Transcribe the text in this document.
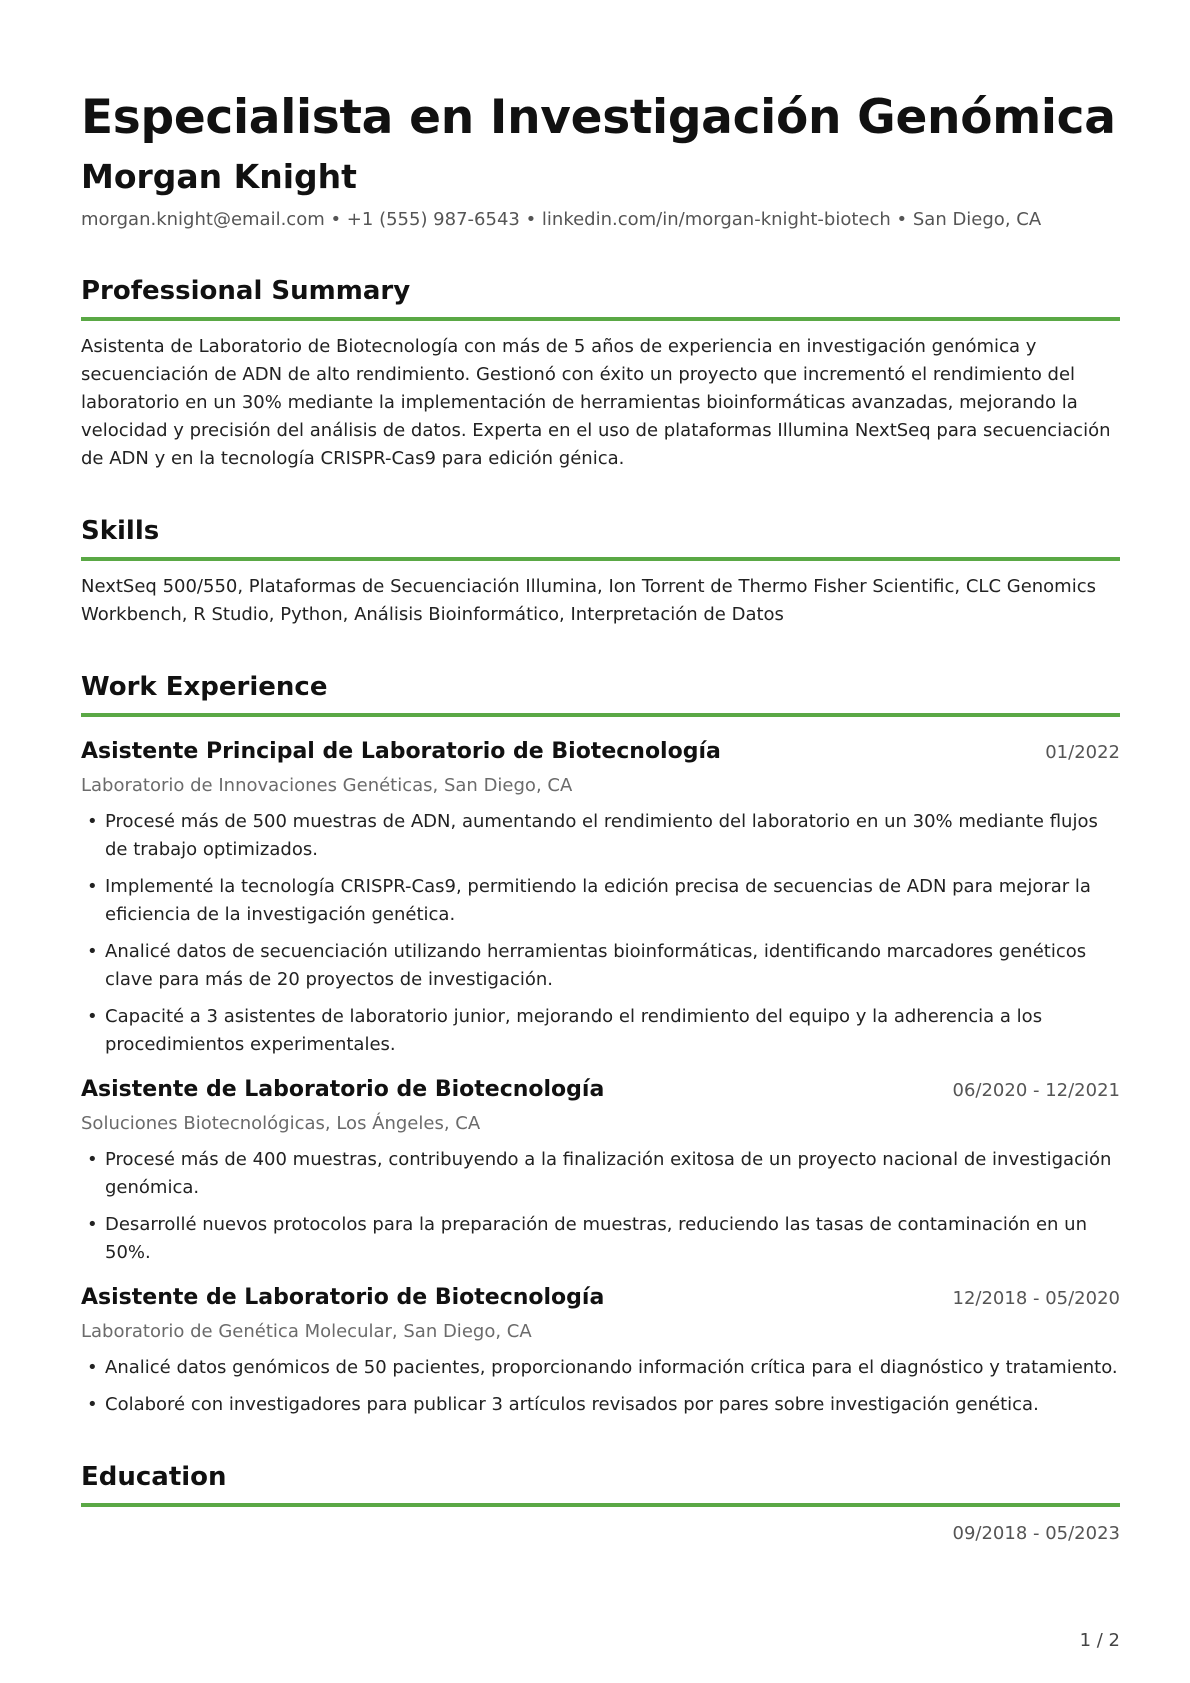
Especialista en Investigación Genómica
Morgan Knight
morgan.knight@email.com • +1 (555) 987-6543 • linkedin.com/in/morgan-knight-biotech • San Diego, CA
Professional Summary

Asistenta de Laboratorio de Biotecnología con más de 5 años de experiencia en investigación genómica y secuenciación de ADN de alto rendimiento. Gestionó con éxito un proyecto que incrementó el rendimiento del laboratorio en un 30% mediante la implementación de herramientas bioinformáticas avanzadas, mejorando la velocidad y precisión del análisis de datos. Experta en el uso de plataformas Illumina NextSeq para secuenciación de ADN y en la tecnología CRISPR-Cas9 para edición génica.

Skills

NextSeq 500/550, Plataformas de Secuenciación Illumina, Ion Torrent de Thermo Fisher Scientific, CLC Genomics Workbench, R Studio, Python, Análisis Bioinformático, Interpretación de Datos

Work Experience
Asistente Principal de Laboratorio de Biotecnología	01/2022
Laboratorio de Innovaciones Genéticas, San Diego, CA
• Procesé más de 500 muestras de ADN, aumentando el rendimiento del laboratorio en un 30% mediante flujos de trabajo optimizados.
• Implementé la tecnología CRISPR-Cas9, permitiendo la edición precisa de secuencias de ADN para mejorar la eficiencia de la investigación genética.
• Analicé datos de secuenciación utilizando herramientas bioinformáticas, identificando marcadores genéticos clave para más de 20 proyectos de investigación.
• Capacité a 3 asistentes de laboratorio junior, mejorando el rendimiento del equipo y la adherencia a los procedimientos experimentales.
Asistente de Laboratorio de Biotecnología	06/2020 - 12/2021
Soluciones Biotecnológicas, Los Ángeles, CA
• Procesé más de 400 muestras, contribuyendo a la finalización exitosa de un proyecto nacional de investigación genómica.
• Desarrollé nuevos protocolos para la preparación de muestras, reduciendo las tasas de contaminación en un 50%.
Asistente de Laboratorio de Biotecnología	12/2018 - 05/2020
Laboratorio de Genética Molecular, San Diego, CA
• Analicé datos genómicos de 50 pacientes, proporcionando información crítica para el diagnóstico y tratamiento.
• Colaboré con investigadores para publicar 3 artículos revisados por pares sobre investigación genética.
Education
09/2018 - 05/2023
1 / 2
